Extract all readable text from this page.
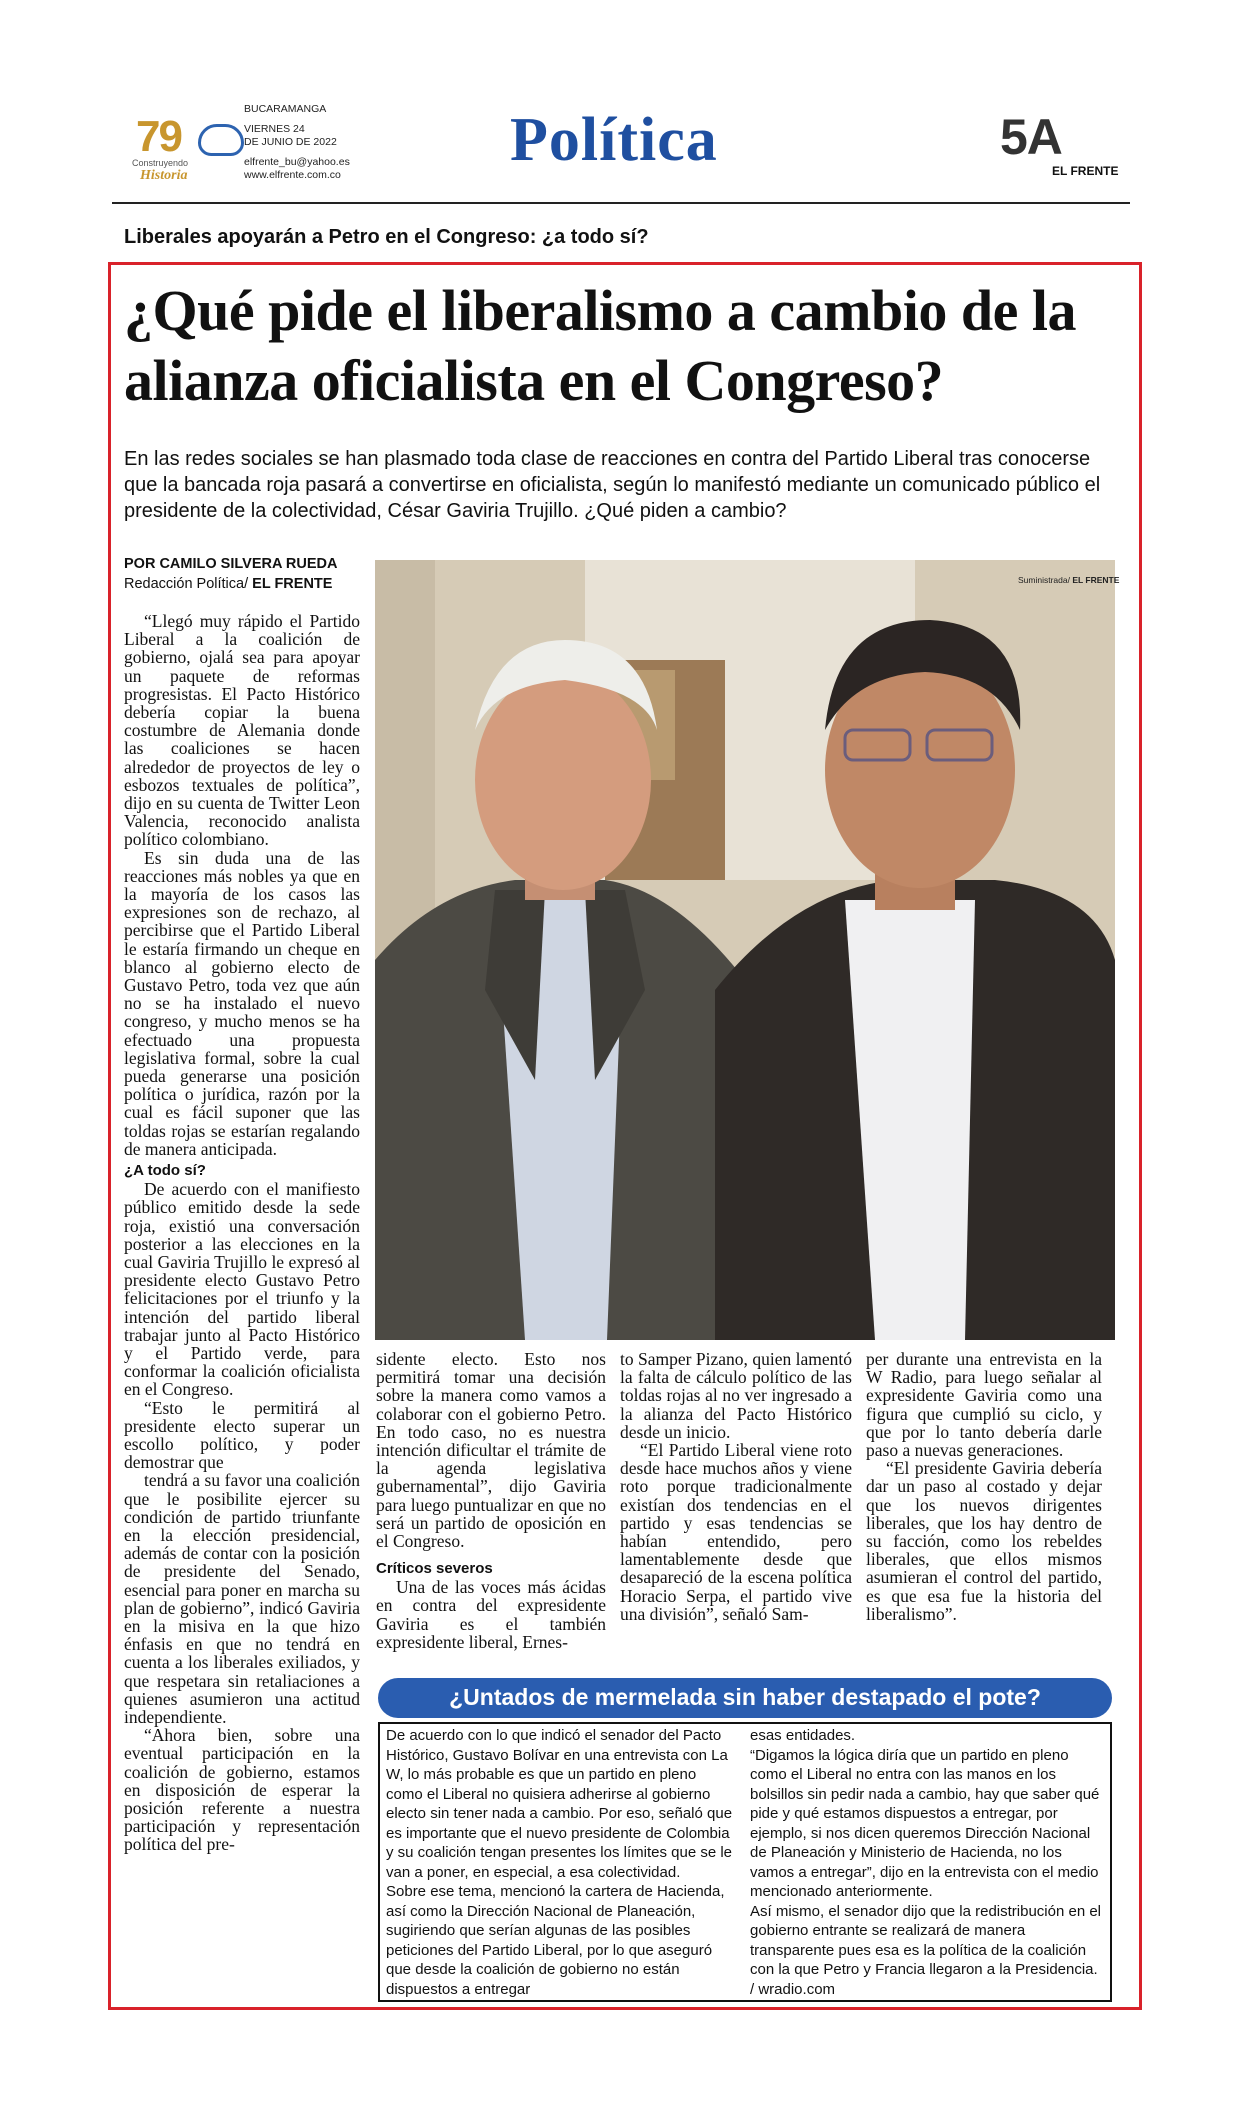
79
Construyendo
Historia
BUCARAMANGA
VIERNES 24
DE JUNIO DE 2022
elfrente_bu@yahoo.es
www.elfrente.com.co
Política	5A
EL FRENTE
Liberales apoyarán a Petro en el Congreso: ¿a todo sí?
¿Qué pide el liberalismo a cambio de la alianza oficialista en el Congreso?
En las redes sociales se han plasmado toda clase de reacciones en contra del Partido Liberal tras conocerse que la bancada roja pasará a convertirse en oficialista, según lo manifestó mediante un comunicado público el presidente de la colectividad, César Gaviria Trujillo. ¿Qué piden a cambio?
POR CAMILO SILVERA RUEDA
Redacción Política/ EL FRENTE	Suministrada/ EL FRENTE

“Llegó muy rápido el Partido Liberal a la coalición de gobierno, ojalá sea para apoyar un paquete de reformas progresistas. El Pacto Histórico debería copiar la buena costumbre de Alemania donde las coaliciones se hacen alrededor de proyectos de ley o esbozos textuales de política”, dijo en su cuenta de Twitter Leon Valencia, reconocido analista político colombiano.

Es sin duda una de las reacciones más nobles ya que en la mayoría de los casos las expresiones son de rechazo, al percibirse que el Partido Liberal le estaría firmando un cheque en blanco al gobierno electo de Gustavo Petro, toda vez que aún no se ha instalado el nuevo congreso, y mucho menos se ha efectuado una propuesta legislativa formal, sobre la cual pueda generarse una posición política o jurídica, razón por la cual es fácil suponer que las toldas rojas se estarían regalando de manera anticipada.

¿A todo sí?

De acuerdo con el manifiesto público emitido desde la sede roja, existió una conversación posterior a las elecciones en la cual Gaviria Trujillo le expresó al presidente electo Gustavo Petro felicitaciones por el triunfo y la intención del partido liberal trabajar junto al Pacto Histórico y el Partido verde, para conformar la coalición oficialista en el Congreso.

“Esto le permitirá al presidente electo superar un escollo político, y poder demostrar que

tendrá a su favor una coalición que le posibilite ejercer su condición de partido triunfante en la elección presidencial, además de contar con la posición de presidente del Senado, esencial para poner en marcha su plan de gobierno”, indicó Gaviria en la misiva en la que hizo énfasis en que no tendrá en cuenta a los liberales exiliados, y que respetara sin retaliaciones a quienes asumieron una actitud independiente.

“Ahora bien, sobre una eventual participación en la coalición de gobierno, estamos en disposición de esperar la posición referente a nuestra participación y representación política del pre-

sidente electo. Esto nos permitirá tomar una decisión sobre la manera como vamos a colaborar con el gobierno Petro. En todo caso, no es nuestra intención dificultar el trámite de la agenda legislativa gubernamental”, dijo Gaviria para luego puntualizar en que no será un partido de oposición en el Congreso.

Críticos severos

Una de las voces más ácidas en contra del expresidente Gaviria es el también expresidente liberal, Ernes-

to Samper Pizano, quien lamentó la falta de cálculo político de las toldas rojas al no ver ingresado a la alianza del Pacto Histórico desde un inicio.

“El Partido Liberal viene roto desde hace muchos años y viene roto porque tradicionalmente existían dos tendencias en el partido y esas tendencias se habían entendido, pero lamentablemente desde que desapareció de la escena política Horacio Serpa, el partido vive una división”, señaló Sam-

per durante una entrevista en la W Radio, para luego señalar al expresidente Gaviria como una figura que cumplió su ciclo, y que por lo tanto debería darle paso a nuevas generaciones.

“El presidente Gaviria debería dar un paso al costado y dejar que los nuevos dirigentes liberales, que los hay dentro de su facción, como los rebeldes liberales, que ellos mismos asumieran el control del partido, es que esa fue la historia del liberalismo”.

¿Untados de mermelada sin haber destapado el pote?

De acuerdo con lo que indicó el senador del Pacto Histórico, Gustavo Bolívar en una entrevista con La W, lo más probable es que un partido en pleno como el Liberal no quisiera adherirse al gobierno electo sin tener nada a cambio. Por eso, señaló que es importante que el nuevo presidente de Colombia y su coalición tengan presentes los límites que se le van a poner, en especial, a esa colectividad.

Sobre ese tema, mencionó la cartera de Hacienda, así como la Dirección Nacional de Planeación, sugiriendo que serían algunas de las posibles peticiones del Partido Liberal, por lo que aseguró que desde la coalición de gobierno no están dispuestos a entregar

esas entidades.

“Digamos la lógica diría que un partido en pleno como el Liberal no entra con las manos en los bolsillos sin pedir nada a cambio, hay que saber qué pide y qué estamos dispuestos a entregar, por ejemplo, si nos dicen queremos Dirección Nacional de Planeación y Ministerio de Hacienda, no los vamos a entregar”, dijo en la entrevista con el medio mencionado anteriormente.

Así mismo, el senador dijo que la redistribución en el gobierno entrante se realizará de manera transparente pues esa es la política de la coalición con la que Petro y Francia llegaron a la Presidencia. / wradio.com
